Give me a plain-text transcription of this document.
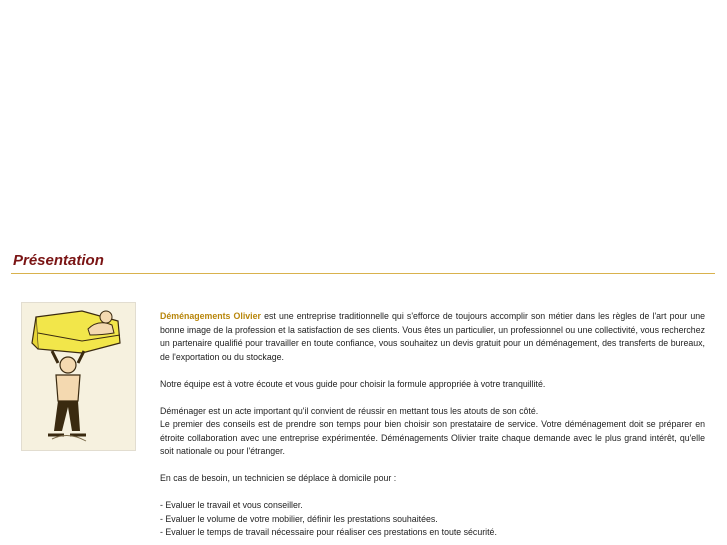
Présentation

Déménagements Olivier est une entreprise traditionnelle qui s'efforce de toujours accomplir son métier dans les règles de l'art pour une bonne image de la profession et la satisfaction de ses clients. Vous êtes un particulier, un professionnel ou une collectivité, vous recherchez un partenaire qualifié pour travailler en toute confiance, vous souhaitez un devis gratuit pour un déménagement, des transferts de bureaux, de l'exportation ou du stockage.

Notre équipe est à votre écoute et vous guide pour choisir la formule appropriée à votre tranquillité.

Déménager est un acte important qu'il convient de réussir en mettant tous les atouts de son côté.

Le premier des conseils est de prendre son temps pour bien choisir son prestataire de service. Votre déménagement doit se préparer en étroite collaboration avec une entreprise expérimentée. Déménagements Olivier traite chaque demande avec le plus grand intérêt, qu'elle soit nationale ou pour l'étranger.

En cas de besoin, un technicien se déplace à domicile pour :

- Evaluer le travail et vous conseiller.
- Evaluer le volume de votre mobilier, définir les prestations souhaitées.
- Evaluer le temps de travail nécessaire pour réaliser ces prestations en toute sécurité.
